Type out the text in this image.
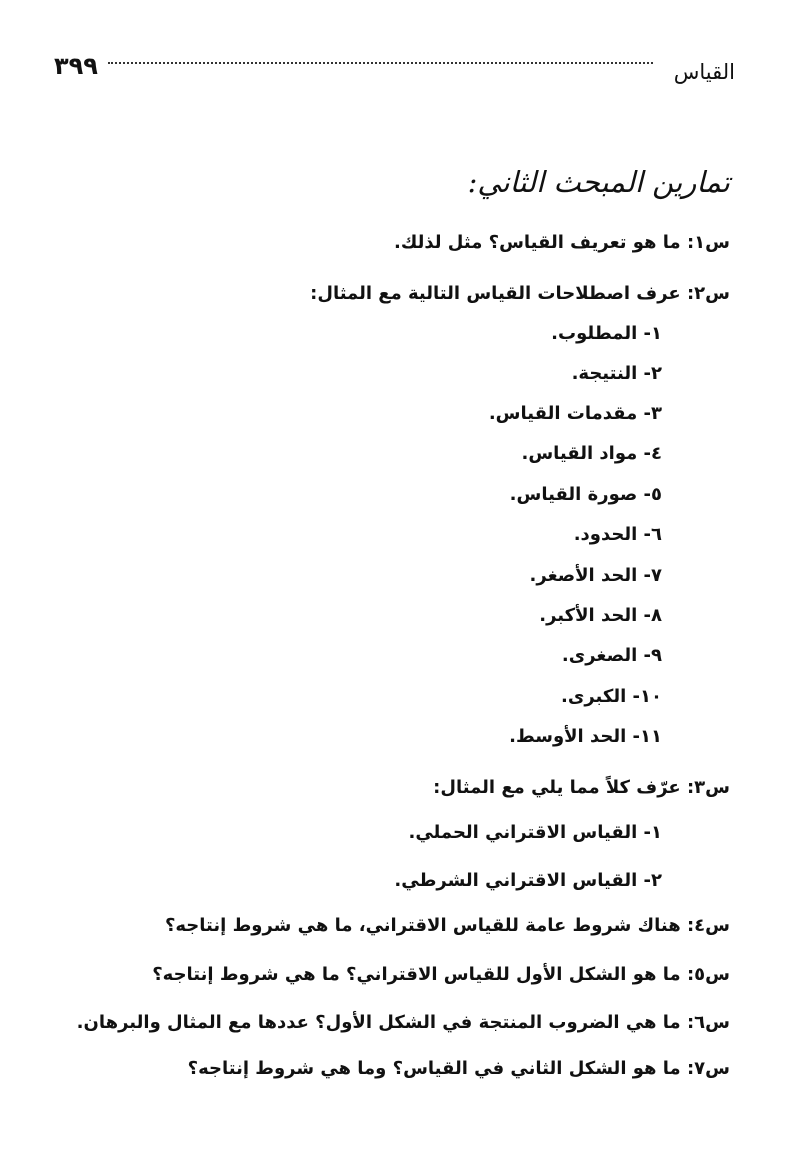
٣٩٩	القياس
تمارين المبحث الثاني:
س١: ما هو تعريف القياس؟ مثل لذلك.
س٢: عرف اصطلاحات القياس التالية مع المثال:
١- المطلوب.
٢- النتيجة.
٣- مقدمات القياس.
٤- مواد القياس.
٥- صورة القياس.
٦- الحدود.
٧- الحد الأصغر.
٨- الحد الأكبر.
٩- الصغرى.
١٠- الكبرى.
١١- الحد الأوسط.
س٣: عرّف كلاً مما يلي مع المثال:
١- القياس الاقتراني الحملي.
٢- القياس الاقتراني الشرطي.
س٤: هناك شروط عامة للقياس الاقتراني، ما هي شروط إنتاجه؟
س٥: ما هو الشكل الأول للقياس الاقتراني؟ ما هي شروط إنتاجه؟
س٦: ما هي الضروب المنتجة في الشكل الأول؟ عددها مع المثال والبرهان.
س٧: ما هو الشكل الثاني في القياس؟ وما هي شروط إنتاجه؟
